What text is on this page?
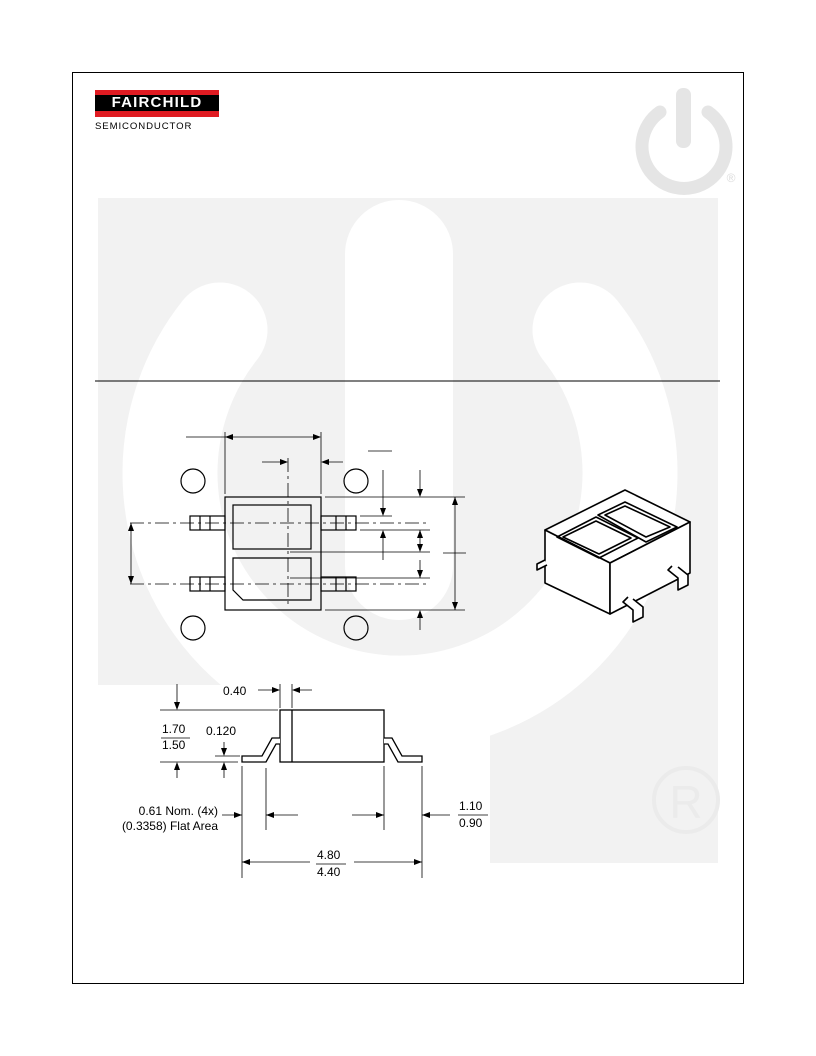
R
FAIRCHILD
SEMICONDUCTOR
®
0.40
1.70
1.50
0.120
0.61 Nom. (4x)
(0.3358) Flat Area
1.10
0.90
4.80
4.40
